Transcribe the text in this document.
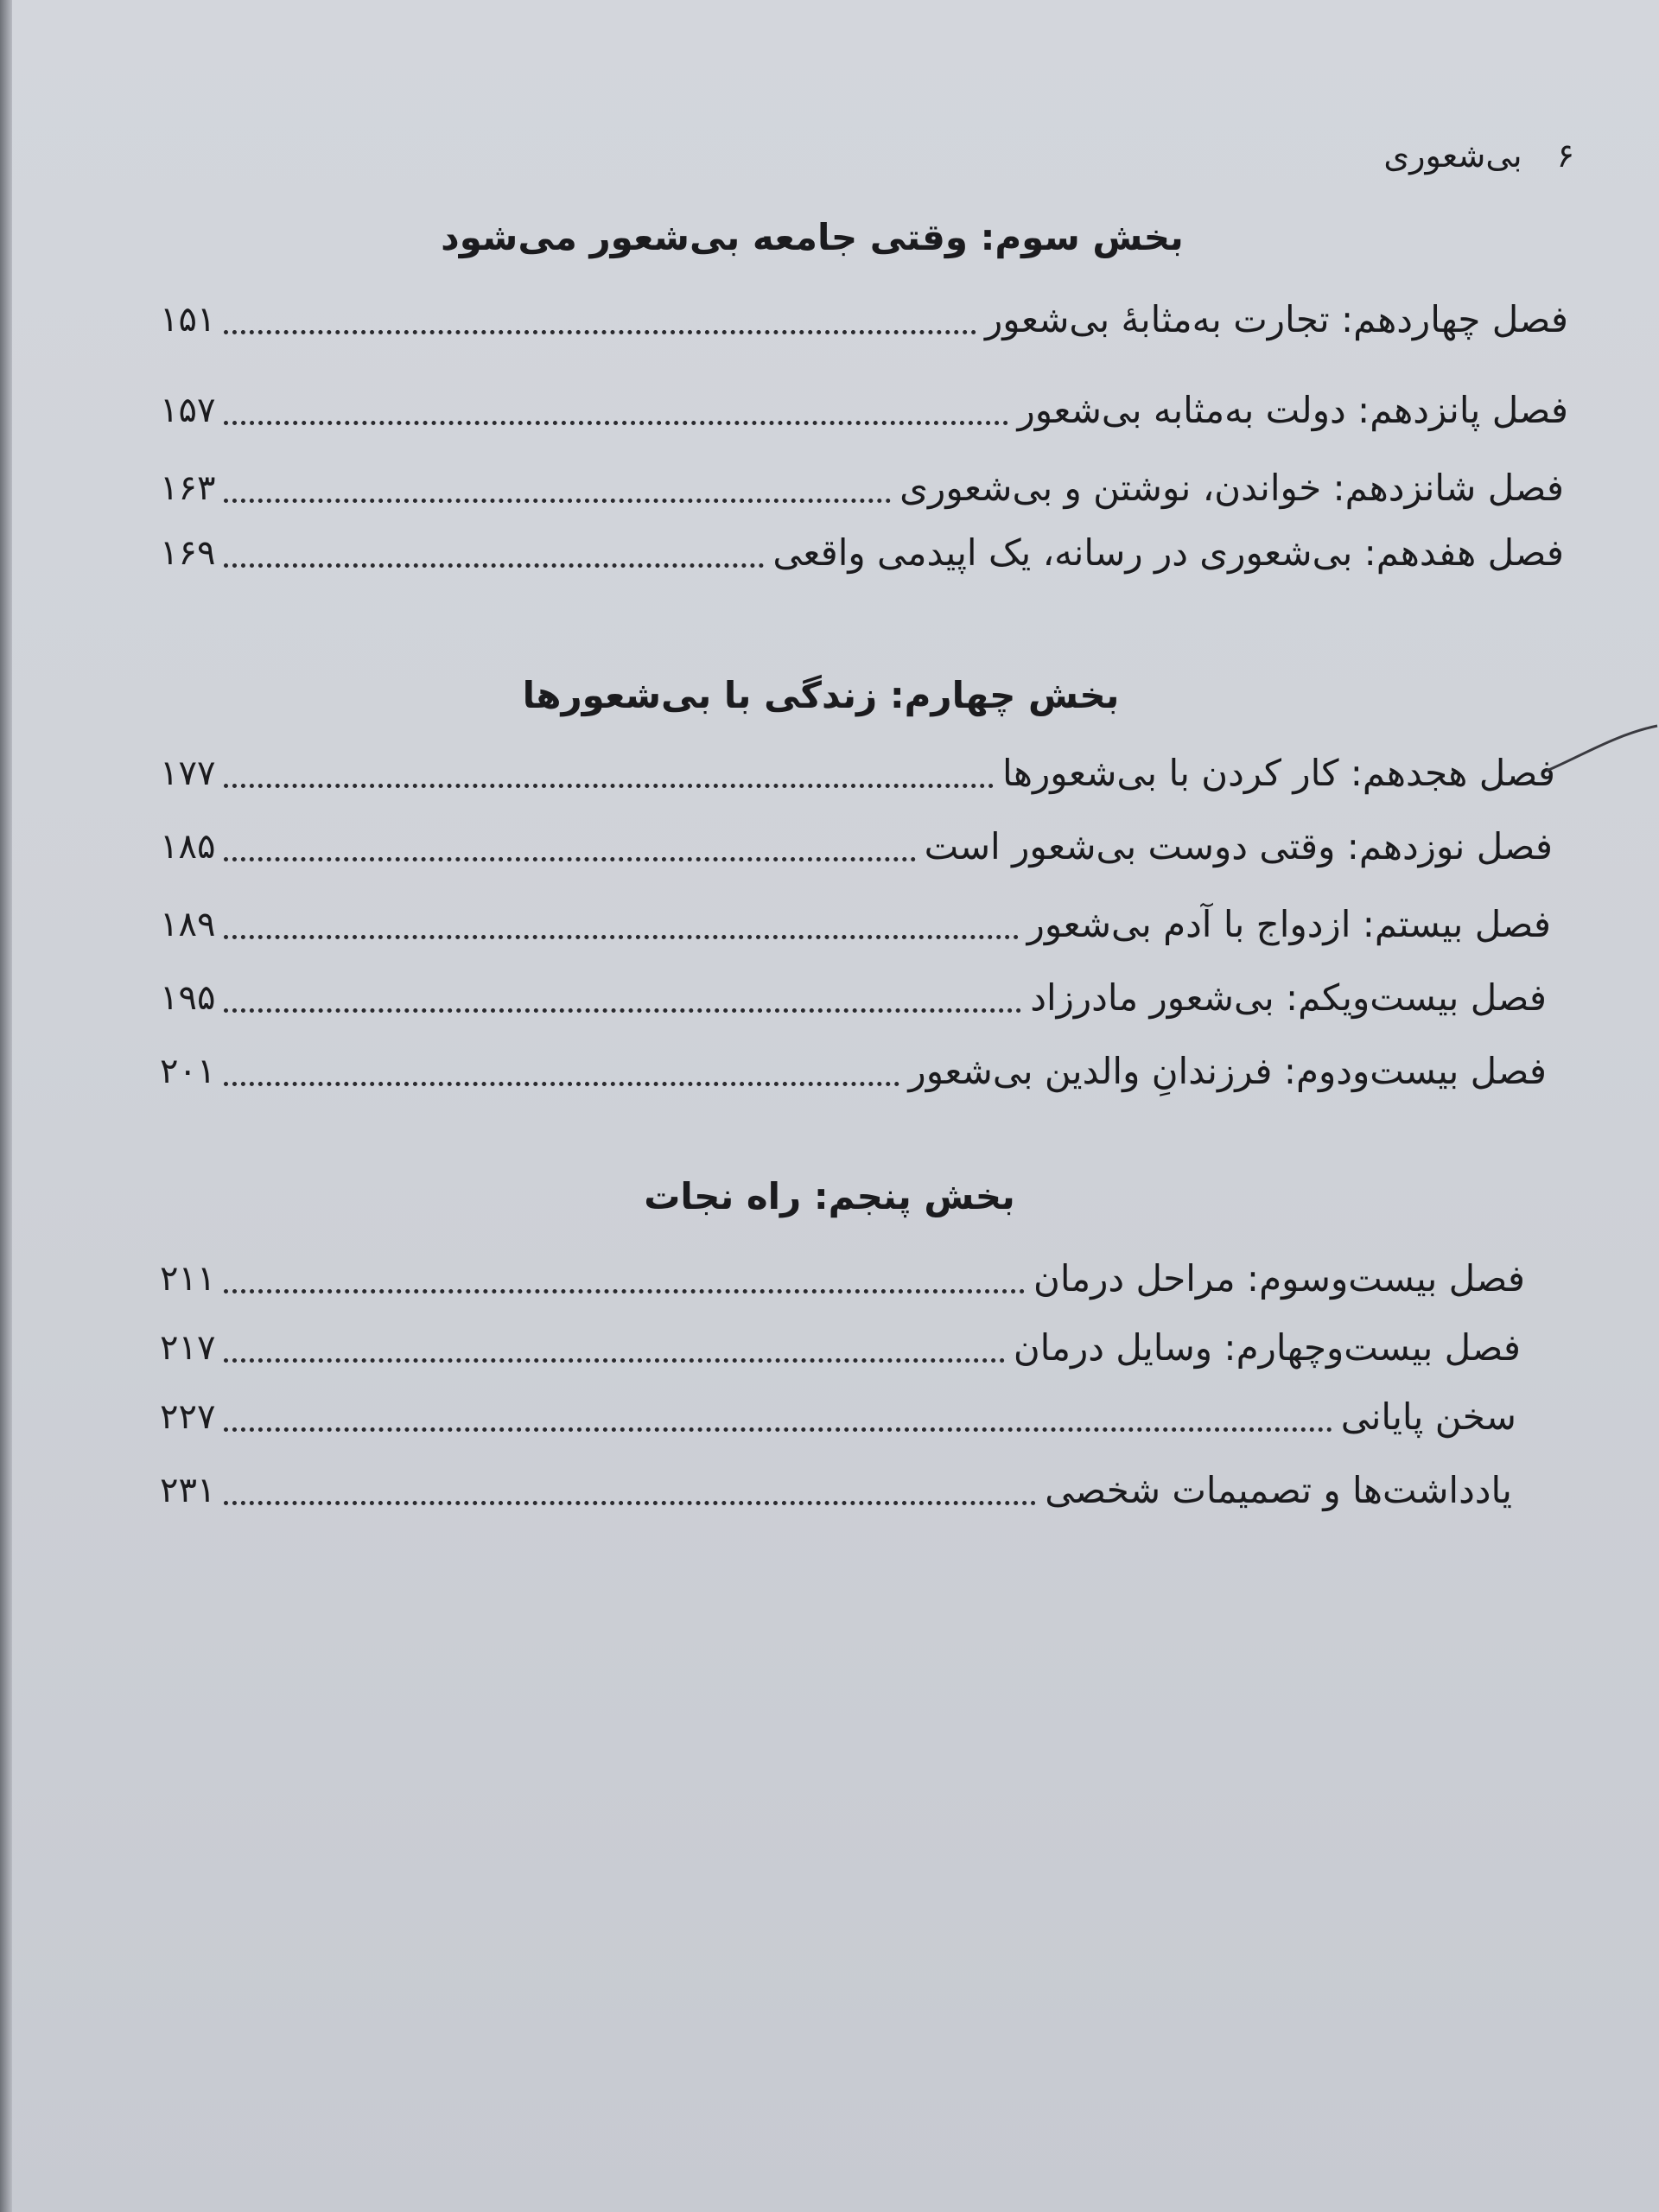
۶
بی‌شعوری
بخش سوم: وقتی جامعه بی‌شعور می‌شود
فصل چهاردهم: تجارت به‌مثابهٔ بی‌شعور
۱۵۱
فصل پانزدهم: دولت به‌مثابه بی‌شعور
۱۵۷
فصل شانزدهم: خواندن، نوشتن و بی‌شعوری
۱۶۳
فصل هفدهم: بی‌شعوری در رسانه، یک اپیدمی واقعی
۱۶۹
بخش چهارم: زندگی با بی‌شعورها
فصل هجدهم: کار کردن با بی‌شعورها
۱۷۷
فصل نوزدهم: وقتی دوست بی‌شعور است
۱۸۵
فصل بیستم: ازدواج با آدم بی‌شعور
۱۸۹
فصل بیست‌ویکم: بی‌شعور مادرزاد
۱۹۵
فصل بیست‌ودوم: فرزندانِ والدین بی‌شعور
۲۰۱
بخش پنجم: راه نجات
فصل بیست‌وسوم: مراحل درمان
۲۱۱
فصل بیست‌وچهارم: وسایل درمان
۲۱۷
سخن پایانی
۲۲۷
یادداشت‌ها و تصمیمات شخصی
۲۳۱
